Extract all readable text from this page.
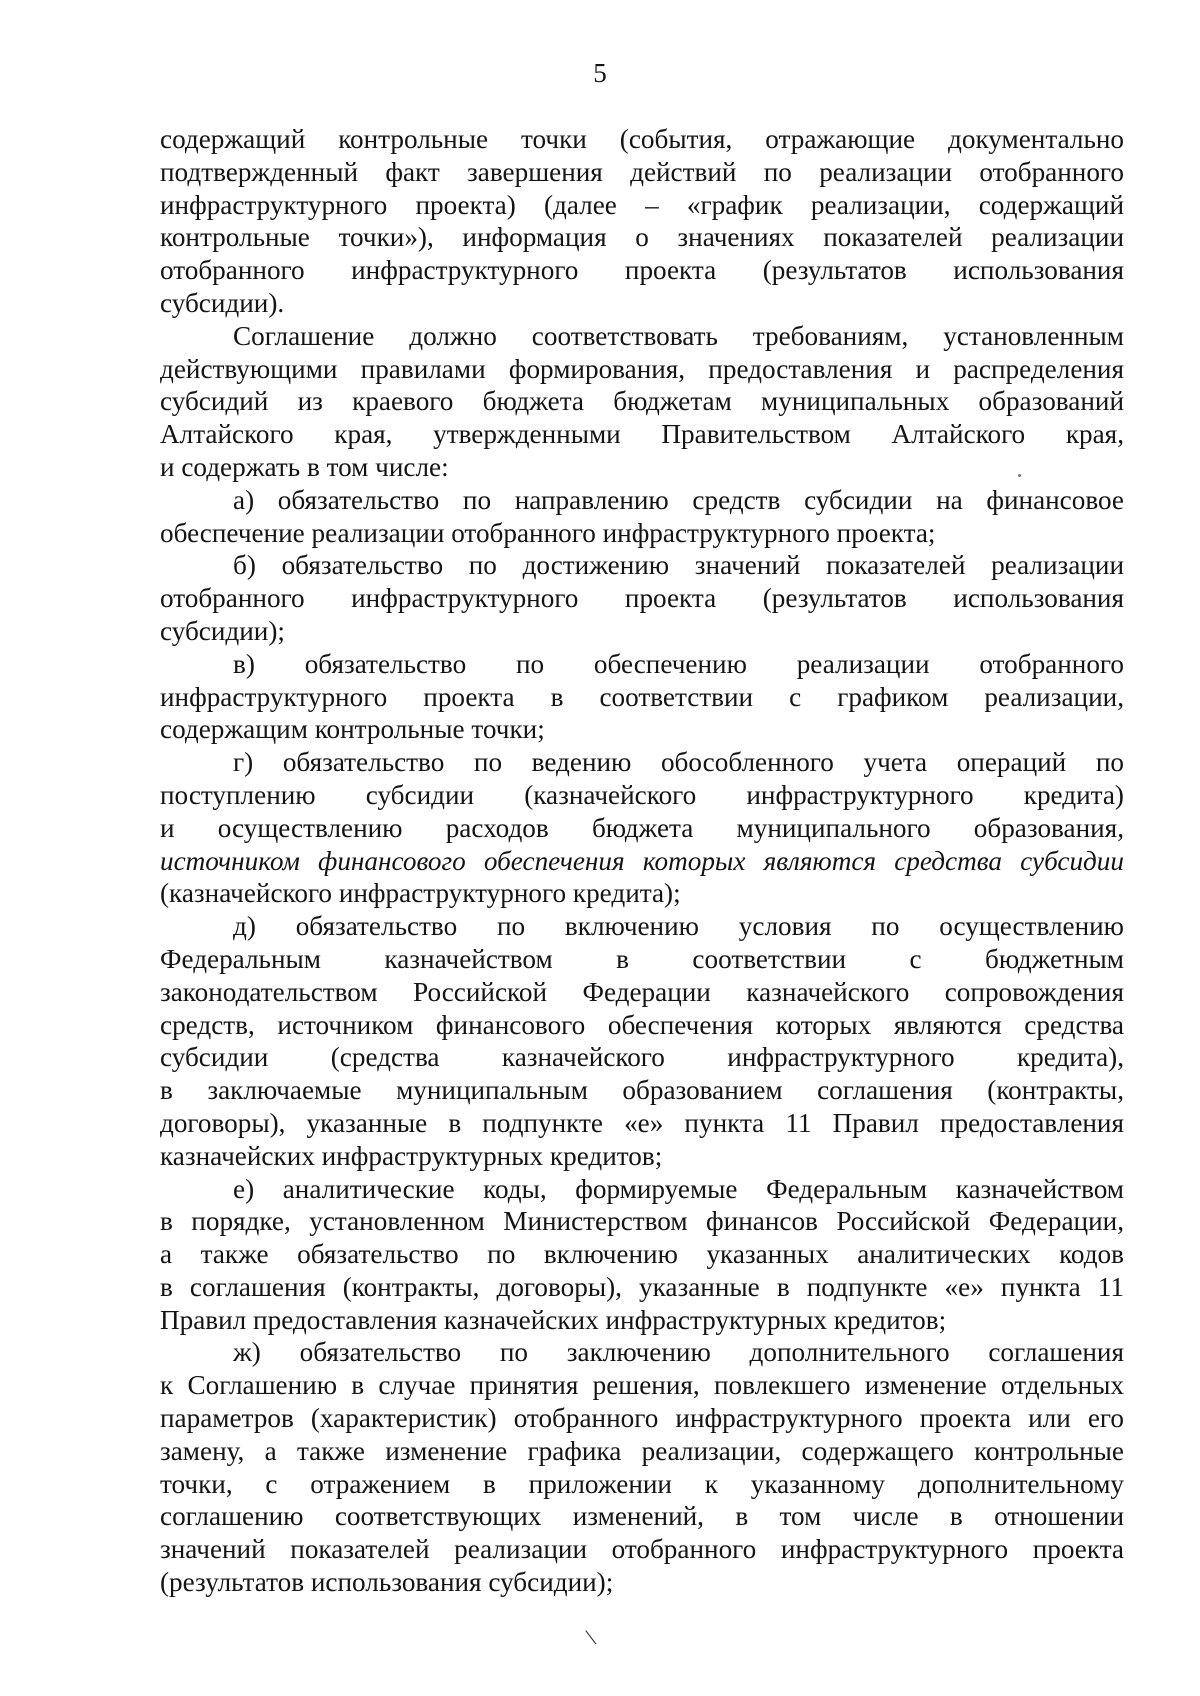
5
содержащий контрольные точки (события, отражающие документально
подтвержденный факт завершения действий по реализации отобранного
инфраструктурного проекта) (далее – «график реализации, содержащий
контрольные точки»), информация о значениях показателей реализации
отобранного инфраструктурного проекта (результатов использования
субсидии).
Соглашение должно соответствовать требованиям, установленным
действующими правилами формирования, предоставления и распределения
субсидий из краевого бюджета бюджетам муниципальных образований
Алтайского края, утвержденными Правительством Алтайского края,
и содержать в том числе:
а) обязательство по направлению средств субсидии на финансовое
обеспечение реализации отобранного инфраструктурного проекта;
б) обязательство по достижению значений показателей реализации
отобранного инфраструктурного проекта (результатов использования
субсидии);
в) обязательство по обеспечению реализации отобранного
инфраструктурного проекта в соответствии с графиком реализации,
содержащим контрольные точки;
г) обязательство по ведению обособленного учета операций по
поступлению субсидии (казначейского инфраструктурного кредита)
и осуществлению расходов бюджета муниципального образования,
источником финансового обеспечения которых являются средства субсидии
(казначейского инфраструктурного кредита);
д) обязательство по включению условия по осуществлению
Федеральным казначейством в соответствии с бюджетным
законодательством Российской Федерации казначейского сопровождения
средств, источником финансового обеспечения которых являются средства
субсидии (средства казначейского инфраструктурного кредита),
в заключаемые муниципальным образованием соглашения (контракты,
договоры), указанные в подпункте «е» пункта 11 Правил предоставления
казначейских инфраструктурных кредитов;
е) аналитические коды, формируемые Федеральным казначейством
в порядке, установленном Министерством финансов Российской Федерации,
а также обязательство по включению указанных аналитических кодов
в соглашения (контракты, договоры), указанные в подпункте «е» пункта 11
Правил предоставления казначейских инфраструктурных кредитов;
ж) обязательство по заключению дополнительного соглашения
к Соглашению в случае принятия решения, повлекшего изменение отдельных
параметров (характеристик) отобранного инфраструктурного проекта или его
замену, а также изменение графика реализации, содержащего контрольные
точки, с отражением в приложении к указанному дополнительному
соглашению соответствующих изменений, в том числе в отношении
значений показателей реализации отобранного инфраструктурного проекта
(результатов использования субсидии);
\
